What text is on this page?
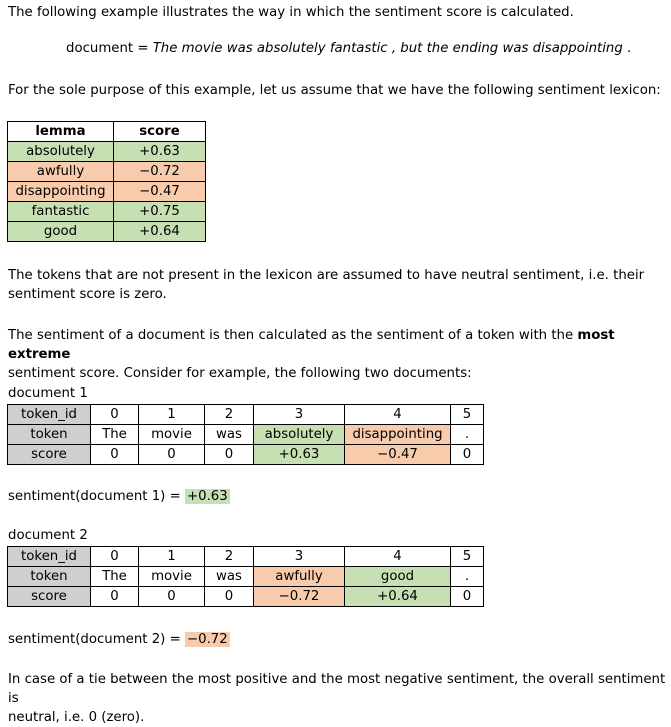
The following example illustrates the way in which the sentiment score is calculated.
document = The movie was absolutely fantastic , but the ending was disappointing .
For the sole purpose of this example, let us assume that we have the following sentiment lexicon:
lemma	score
absolutely	+0.63
awfully	−0.72
disappointing	−0.47
fantastic	+0.75
good	+0.64
The tokens that are not present in the lexicon are assumed to have neutral sentiment, i.e. their
sentiment score is zero.
The sentiment of a document is then calculated as the sentiment of a token with the most extreme
sentiment score. Consider for example, the following two documents:
document 1
token_id	0	1	2	3	4	5
token	The	movie	was	absolutely	disappointing	.
score	0	0	0	+0.63	−0.47	0
sentiment(document 1) = +0.63
document 2
token_id	0	1	2	3	4	5
token	The	movie	was	awfully	good	.
score	0	0	0	−0.72	+0.64	0
sentiment(document 2) = −0.72
In case of a tie between the most positive and the most negative sentiment, the overall sentiment is
neutral, i.e. 0 (zero).
